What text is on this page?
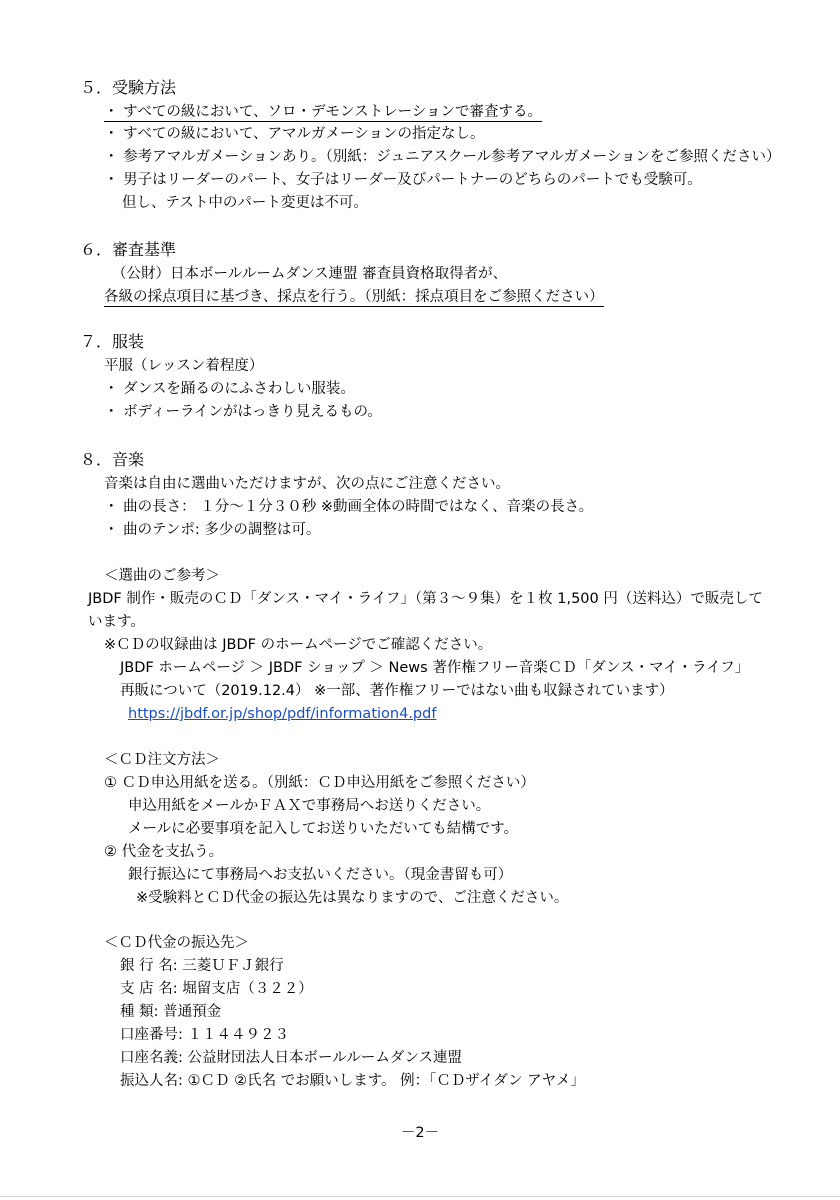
５．受験方法
・ すべての級において、ソロ・デモンストレーションで審査する。
・ すべての級において、アマルガメーションの指定なし。
・ 参考アマルガメーションあり。（別紙：ジュニアスクール参考アマルガメーションをご参照ください）
・ 男子はリーダーのパート、女子はリーダー及びパートナーのどちらのパートでも受験可。
但し、テスト中のパート変更は不可。
６．審査基準
（公財）日本ボールルームダンス連盟 審査員資格取得者が、
各級の採点項目に基づき、採点を行う。（別紙：採点項目をご参照ください）
７．服装
平服（レッスン着程度）
・ ダンスを踊るのにふさわしい服装。
・ ボディーラインがはっきり見えるもの。
８．音楽
音楽は自由に選曲いただけますが、次の点にご注意ください。
・ 曲の長さ： １分～１分３０秒 ※動画全体の時間ではなく、音楽の長さ。
・ 曲のテンポ: 多少の調整は可。
＜選曲のご参考＞
JBDF 制作・販売のＣＤ「ダンス・マイ・ライフ」（第３～９集）を１枚 1,500 円（送料込）で販売して
います。
※ＣＤの収録曲は JBDF のホームページでご確認ください。
JBDF ホームページ ＞ JBDF ショップ ＞ News 著作権フリー音楽ＣＤ「ダンス・マイ・ライフ」
再販について（2019.12.4） ※一部、著作権フリーではない曲も収録されています）
https://jbdf.or.jp/shop/pdf/information4.pdf
＜ＣＤ注文方法＞
① ＣＤ申込用紙を送る。（別紙：ＣＤ申込用紙をご参照ください）
申込用紙をメールかＦＡＸで事務局へお送りください。
メールに必要事項を記入してお送りいただいても結構です。
② 代金を支払う。
銀行振込にて事務局へお支払いください。（現金書留も可）
※受験料とＣＤ代金の振込先は異なりますので、ご注意ください。
＜ＣＤ代金の振込先＞
銀 行 名: 三菱ＵＦＪ銀行
支 店 名: 堀留支店（３２２）
種 類: 普通預金
口座番号: １１４４９２３
口座名義: 公益財団法人日本ボールルームダンス連盟
振込人名: ①ＣＤ ②氏名 でお願いします。 例：「ＣＤザイダン アヤメ」
－2－
